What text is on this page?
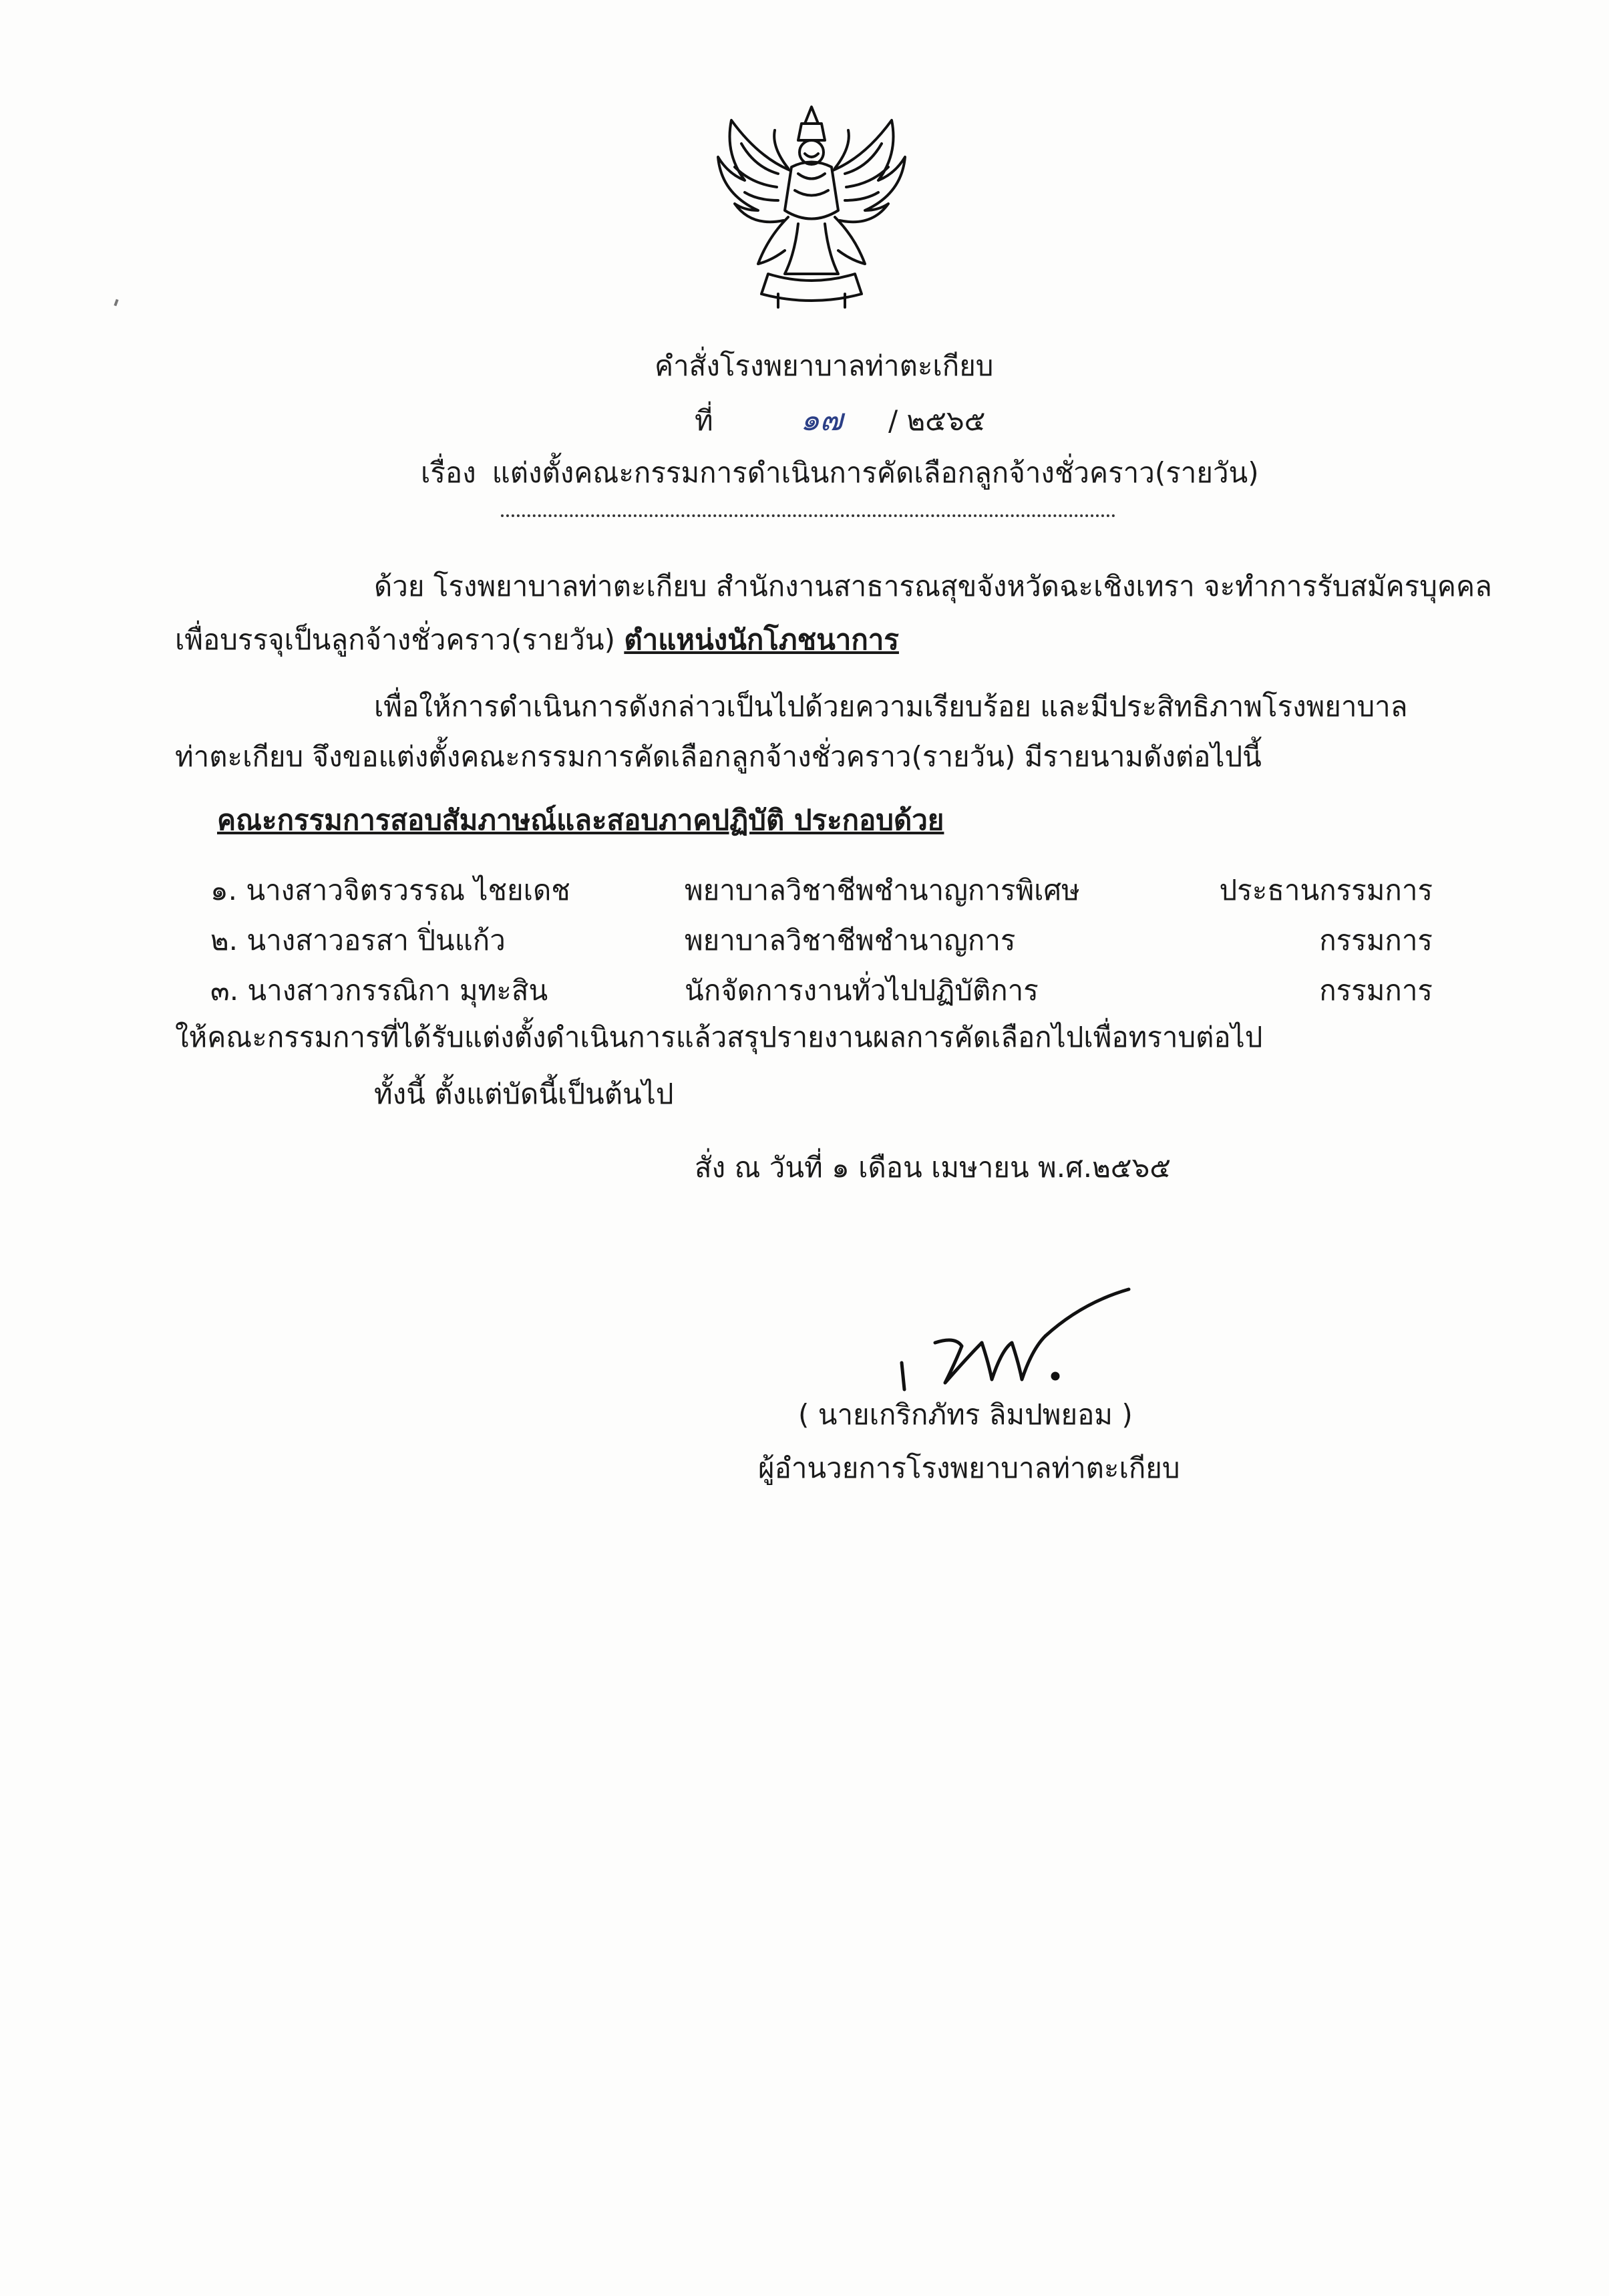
คำสั่งโรงพยาบาลท่าตะเกียบ
ที่	๑๗ / ๒๕๖๕
เรื่อง แต่งตั้งคณะกรรมการดำเนินการคัดเลือกลูกจ้างชั่วคราว(รายวัน)
ด้วย โรงพยาบาลท่าตะเกียบ สำนักงานสาธารณสุขจังหวัดฉะเชิงเทรา จะทำการรับสมัครบุคคล
เพื่อบรรจุเป็นลูกจ้างชั่วคราว(รายวัน) ตำแหน่งนักโภชนาการ
เพื่อให้การดำเนินการดังกล่าวเป็นไปด้วยความเรียบร้อย และมีประสิทธิภาพโรงพยาบาล
ท่าตะเกียบ จึงขอแต่งตั้งคณะกรรมการคัดเลือกลูกจ้างชั่วคราว(รายวัน) มีรายนามดังต่อไปนี้
คณะกรรมการสอบสัมภาษณ์และสอบภาคปฏิบัติ ประกอบด้วย
๑. นางสาวจิตรวรรณ ไชยเดช	พยาบาลวิชาชีพชำนาญการพิเศษ	ประธานกรรมการ
๒. นางสาวอรสา ปิ่นแก้ว	พยาบาลวิชาชีพชำนาญการ	กรรมการ
๓. นางสาวกรรณิกา มุทะสิน	นักจัดการงานทั่วไปปฏิบัติการ	กรรมการ
ให้คณะกรรมการที่ได้รับแต่งตั้งดำเนินการแล้วสรุปรายงานผลการคัดเลือกไปเพื่อทราบต่อไป
ทั้งนี้ ตั้งแต่บัดนี้เป็นต้นไป
สั่ง ณ วันที่ ๑ เดือน เมษายน พ.ศ.๒๕๖๕
( นายเกริกภัทร ลิมปพยอม )
ผู้อำนวยการโรงพยาบาลท่าตะเกียบ
